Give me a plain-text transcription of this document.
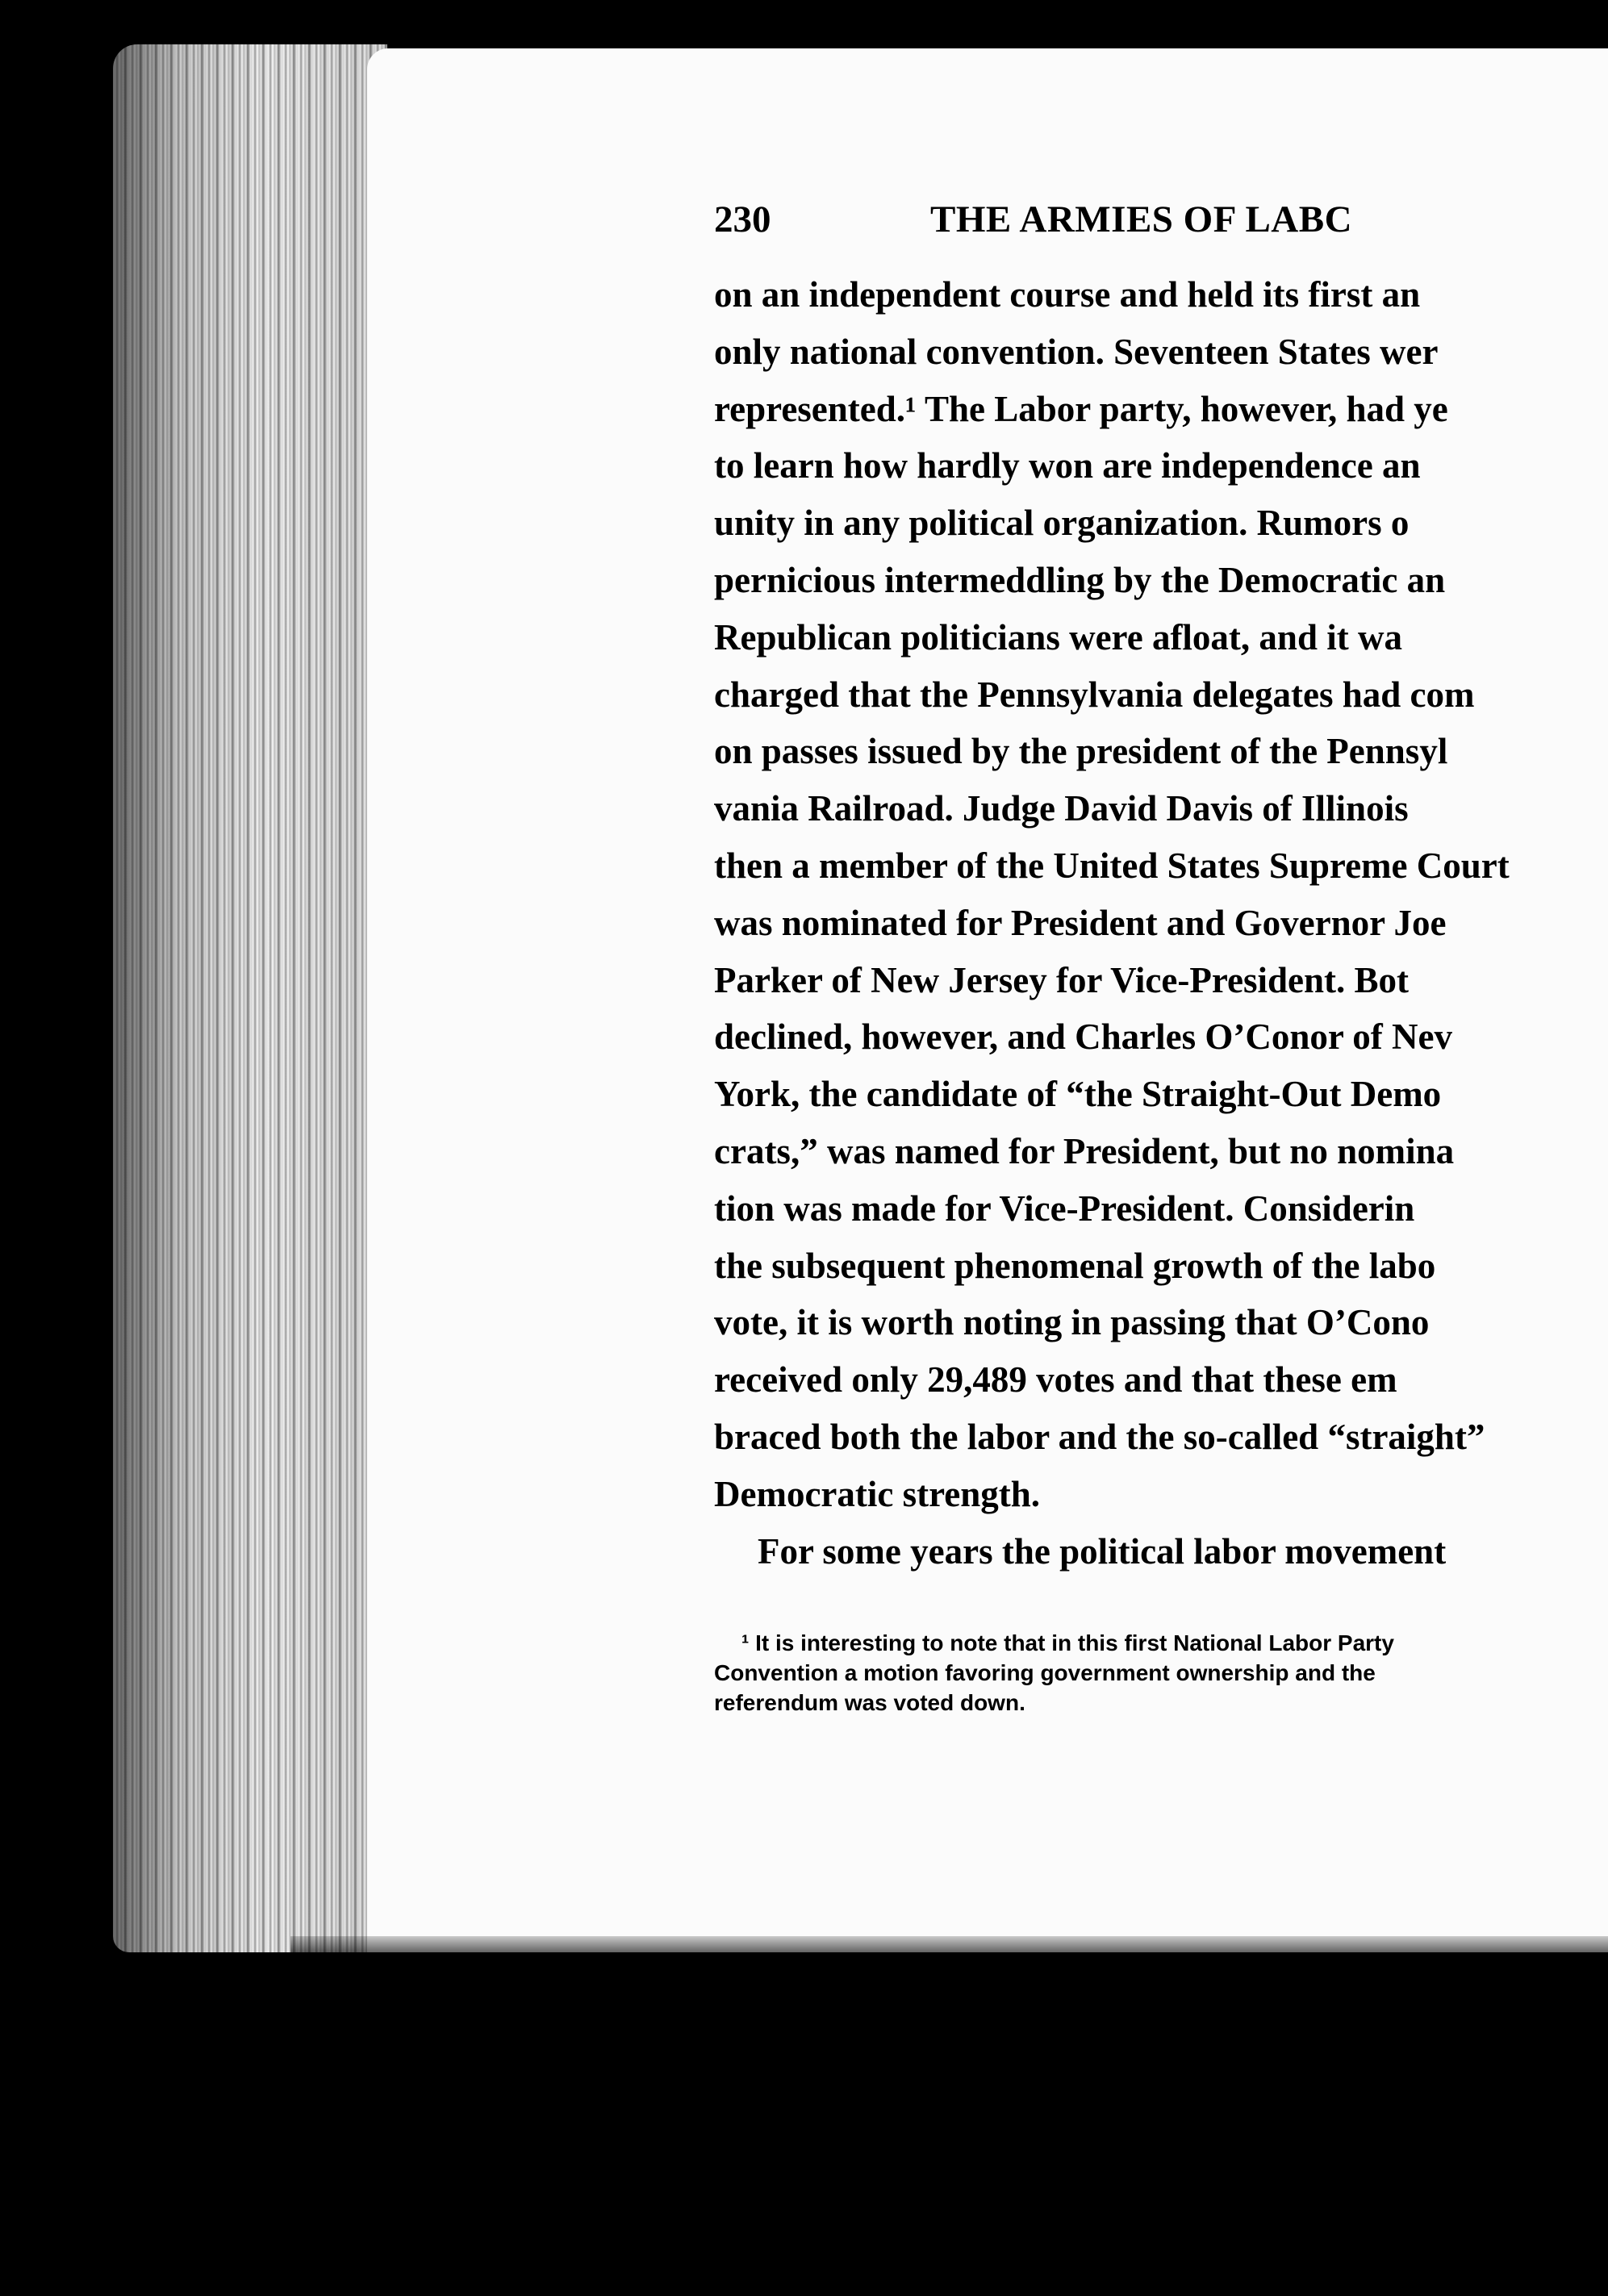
230	THE ARMIES OF LABC
on an independent course and held its first an
only national convention. Seventeen States wer
represented.¹ The Labor party, however, had ye
to learn how hardly won are independence an
unity in any political organization. Rumors o
pernicious intermeddling by the Democratic an
Republican politicians were afloat, and it wa
charged that the Pennsylvania delegates had com
on passes issued by the president of the Pennsyl
vania Railroad. Judge David Davis of Illinois
then a member of the United States Supreme Court
was nominated for President and Governor Joe
Parker of New Jersey for Vice-President. Bot
declined, however, and Charles O’Conor of Nev
York, the candidate of “the Straight-Out Demo
crats,” was named for President, but no nomina
tion was made for Vice-President. Considerin
the subsequent phenomenal growth of the labo
vote, it is worth noting in passing that O’Cono
received only 29,489 votes and that these em
braced both the labor and the so-called “straight”
Democratic strength.
For some years the political labor movement
¹ It is interesting to note that in this first National Labor Party
Convention a motion favoring government ownership and the
referendum was voted down.
